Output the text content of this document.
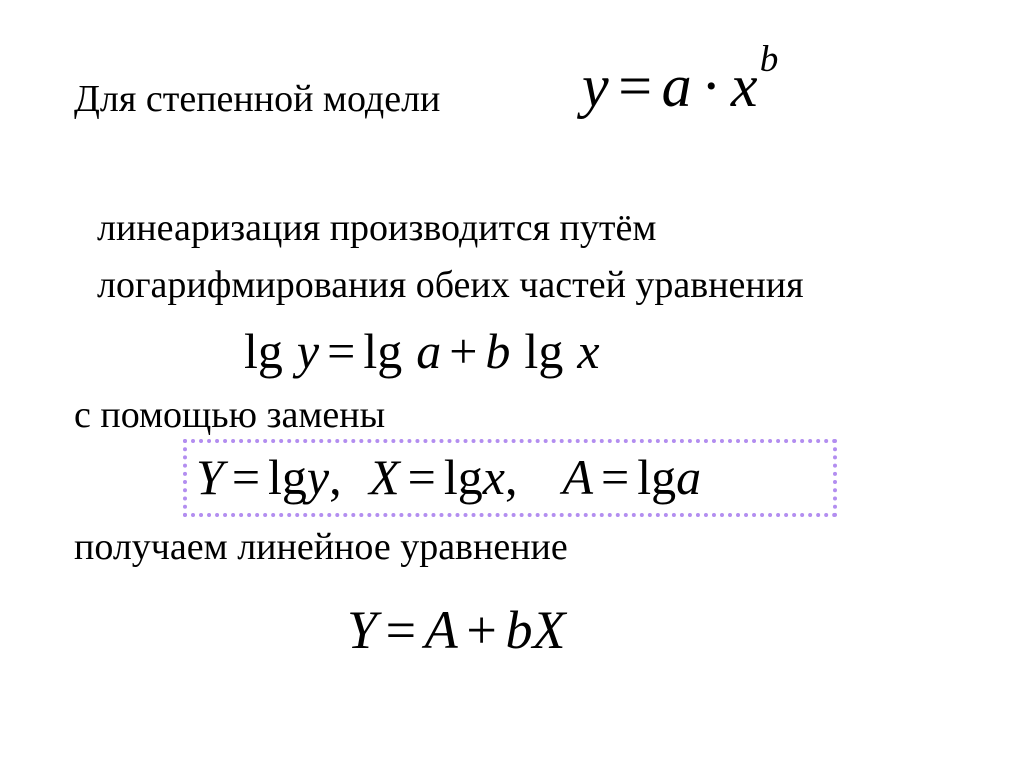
Для степенной модели $y = a \cdot x^b$
линеаризация производится путём
логарифмирования обеих частей уравнения
lg y = lg a + b lg x
с помощью замены
Y = lgy, X = lgx, A = lga
получаем линейное уравнение
Y = A + bX
